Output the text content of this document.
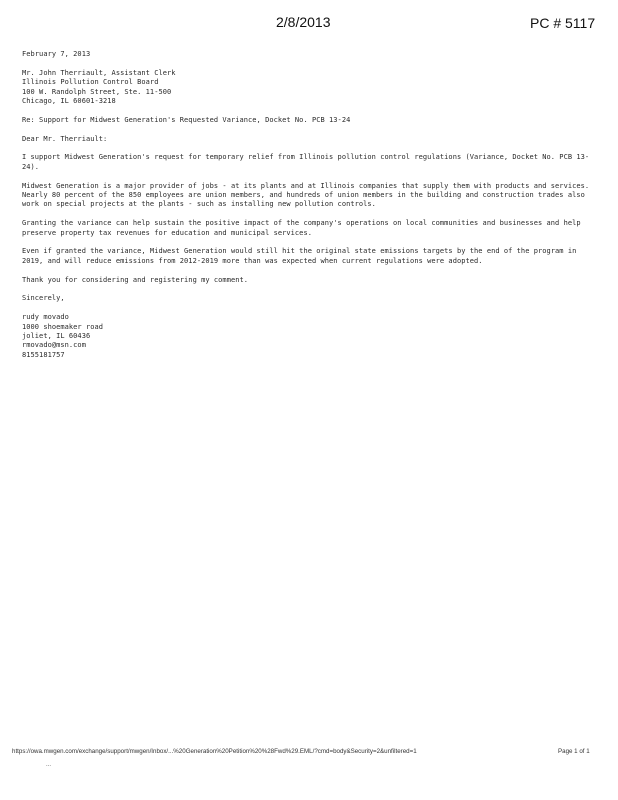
2/8/2013	PC # 5117

February 7, 2013

Mr. John Therriault, Assistant Clerk
Illinois Pollution Control Board
100 W. Randolph Street, Ste. 11-500
Chicago, IL 60601-3218

Re: Support for Midwest Generation's Requested Variance, Docket No. PCB 13-24

Dear Mr. Therriault:

I support Midwest Generation's request for temporary relief from Illinois pollution control regulations (Variance, Docket No. PCB 13-24).

Midwest Generation is a major provider of jobs - at its plants and at Illinois companies that supply them with products and services. Nearly 80 percent of the 850 employees are union members, and hundreds of union members in the building and construction trades also work on special projects at the plants - such as installing new pollution controls.

Granting the variance can help sustain the positive impact of the company's operations on local communities and businesses and help preserve property tax revenues for education and municipal services.

Even if granted the variance, Midwest Generation would still hit the original state emissions targets by the end of the program in 2019, and will reduce emissions from 2012-2019 more than was expected when current regulations were adopted.

Thank you for considering and registering my comment.

Sincerely,

rudy movado
1000 shoemaker road
joliet, IL 60436
rmovado@msn.com
8155181757

https://owa.mwgen.com/exchange/support/mwgen/Inbox/...%20Generation%20Petition%20%28Fwd%29.EML/?cmd=body&Security=2&unfiltered=1	Page 1 of 1
...
